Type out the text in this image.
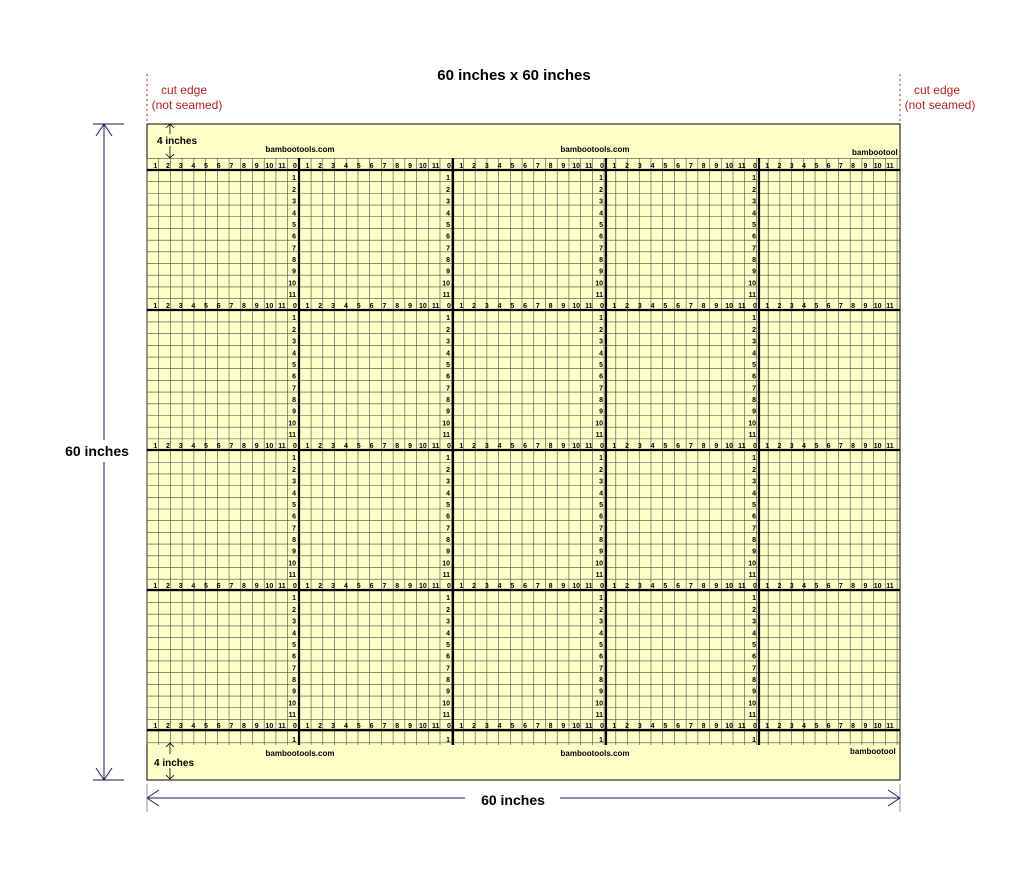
1 2 3 4 5 6 7 8 9 10 11 0 1 2 3 4 5 6 7 8 9 10 11 0 1 2 3 4 5 6 7 8 9 10 11 0 1 2 3 4 5 6 7 8 9 10 11 0 1 2 3 4 5 6 7 8 9 10 11
1 2 3 4 5 6 7 8 9 10 11 0 1 2 3 4 5 6 7 8 9 10 11 0 1 2 3 4 5 6 7 8 9 10 11 0 1 2 3 4 5 6 7 8 9 10 11 0 1 2 3 4 5 6 7 8 9 10 11
1 2 3 4 5 6 7 8 9 10 11 0 1 2 3 4 5 6 7 8 9 10 11 0 1 2 3 4 5 6 7 8 9 10 11 0 1 2 3 4 5 6 7 8 9 10 11 0 1 2 3 4 5 6 7 8 9 10 11
1 2 3 4 5 6 7 8 9 10 11 0 1 2 3 4 5 6 7 8 9 10 11 0 1 2 3 4 5 6 7 8 9 10 11 0 1 2 3 4 5 6 7 8 9 10 11 0 1 2 3 4 5 6 7 8 9 10 11
1 2 3 4 5 6 7 8 9 10 11 0 1 2 3 4 5 6 7 8 9 10 11 0 1 2 3 4 5 6 7 8 9 10 11 0 1 2 3 4 5 6 7 8 9 10 11 0 1 2 3 4 5 6 7 8 9 10 11
1
2
3
4
5
6
7
8
9
10
11
1
2
3
4
5
6
7
8
9
10
11
1
2
3
4
5
6
7
8
9
10
11
1
2
3
4
5
6
7
8
9
10
11
1
1
2
3
4
5
6
7
8
9
10
11
1
2
3
4
5
6
7
8
9
10
11
1
2
3
4
5
6
7
8
9
10
11
1
2
3
4
5
6
7
8
9
10
11
1
1
2
3
4
5
6
7
8
9
10
11
1
2
3
4
5
6
7
8
9
10
11
1
2
3
4
5
6
7
8
9
10
11
1
2
3
4
5
6
7
8
9
10
11
1
1
2
3
4
5
6
7
8
9
10
11
1
2
3
4
5
6
7
8
9
10
11
1
2
3
4
5
6
7
8
9
10
11
1
2
3
4
5
6
7
8
9
10
11
1
60 inches x 60 inches
cut edge
(not seamed)
cut edge
(not seamed)
60 inches
60 inches
4 inches
4 inches
bambootools.com	bambootools.com	bambootool
bambootools.com	bambootools.com	bambootool
